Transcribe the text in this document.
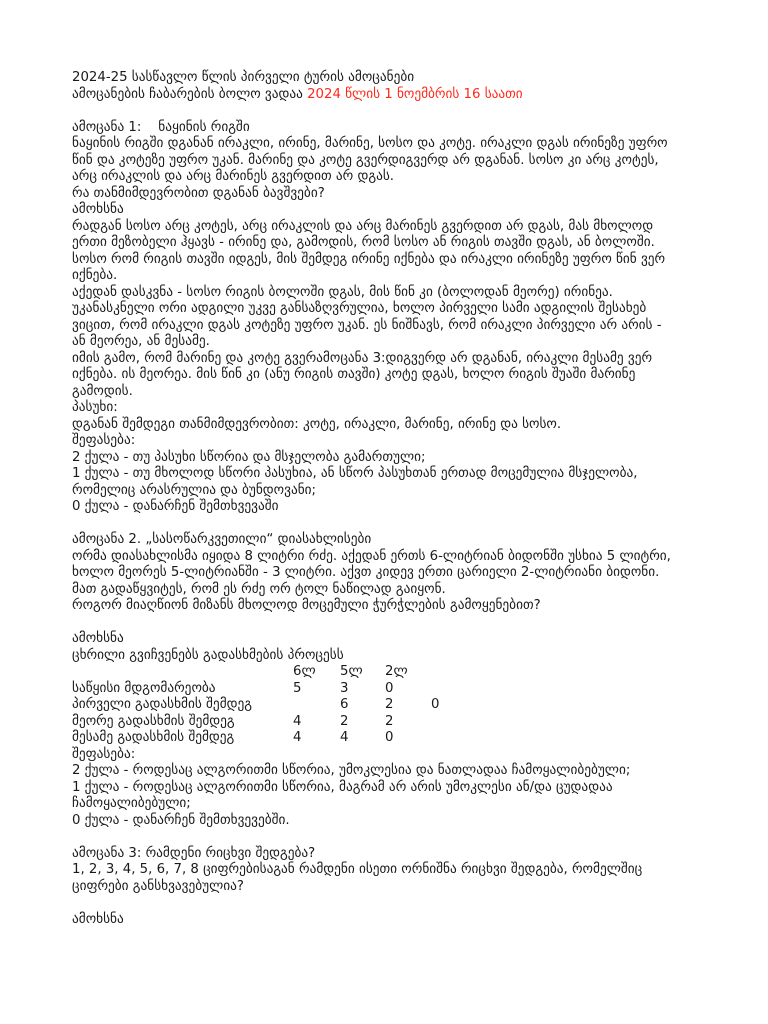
2024-25 სასწავლო წლის პირველი ტურის ამოცანები

ამოცანების ჩაბარების ბოლო ვადაა 2024 წლის 1 ნოემბრის 16 საათი

ამოცანა 1:    ნაყინის რიგში

ნაყინის რიგში დგანან ირაკლი, ირინე, მარინე, სოსო და კოტე. ირაკლი დგას ირინეზე უფრო

წინ და კოტეზე უფრო უკან. მარინე და კოტე გვერდიგვერდ არ დგანან. სოსო კი არც კოტეს,

არც ირაკლის და არც მარინეს გვერდით არ დგას.

რა თანმიმდევრობით დგანან ბავშვები?

ამოხსნა

რადგან სოსო არც კოტეს, არც ირაკლის და არც მარინეს გვერდით არ დგას, მას მხოლოდ

ერთი მეზობელი ჰყავს - ირინე და, გამოდის, რომ სოსო ან რიგის თავში დგას, ან ბოლოში.

სოსო რომ რიგის თავში იდგეს, მის შემდეგ ირინე იქნება და ირაკლი ირინეზე უფრო წინ ვერ

იქნება.

აქედან დასკვნა - სოსო რიგის ბოლოში დგას, მის წინ კი (ბოლოდან მეორე) ირინეა.

უკანასკნელი ორი ადგილი უკვე განსაზღვრულია, ხოლო პირველი სამი ადგილის შესახებ

ვიცით, რომ ირაკლი დგას კოტეზე უფრო უკან. ეს ნიშნავს, რომ ირაკლი პირველი არ არის -

ან მეორეა, ან მესამე.

იმის გამო, რომ მარინე და კოტე გვერამოცანა 3:დიგვერდ არ დგანან, ირაკლი მესამე ვერ

იქნება. ის მეორეა. მის წინ კი (ანუ რიგის თავში) კოტე დგას, ხოლო რიგის შუაში მარინე

გამოდის.

პასუხი:

დგანან შემდეგი თანმიმდევრობით: კოტე, ირაკლი, მარინე, ირინე და სოსო.

შეფასება:

2 ქულა - თუ პასუხი სწორია და მსჯელობა გამართული;

1 ქულა - თუ მხოლოდ სწორი პასუხია, ან სწორ პასუხთან ერთად მოცემულია მსჯელობა,

რომელიც არასრულია და ბუნდოვანი;

0 ქულა - დანარჩენ შემთხვევაში

ამოცანა 2. „სასოწარკვეთილი“ დიასახლისები

ორმა დიასახლისმა იყიდა 8 ლიტრი რძე. აქედან ერთს 6-ლიტრიან ბიდონში უსხია 5 ლიტრი,

ხოლო მეორეს 5-ლიტრიანში - 3 ლიტრი. აქვთ კიდევ ერთი ცარიელი 2-ლიტრიანი ბიდონი.

მათ გადაწყვიტეს, რომ ეს რძე ორ ტოლ ნაწილად გაიყონ.

როგორ მიაღწიონ მიზანს მხოლოდ მოცემული ჭურჭლების გამოყენებით?

ამოხსნა

ცხრილი გვიჩვენებს გადასხმების პროცესს

	6ლ	5ლ	2ლ	
საწყისი მდგომარეობა	5	3	0	
პირველი გადასხმის შემდეგ		6	2	0
მეორე გადასხმის შემდეგ	4	2	2	
მესამე გადასხმის შემდეგ	4	4	0	

შეფასება:

2 ქულა - როდესაც ალგორითმი სწორია, უმოკლესია და ნათლადაა ჩამოყალიბებული;

1 ქულა - როდესაც ალგორითმი სწორია, მაგრამ არ არის უმოკლესი ან/და ცუდადაა

ჩამოყალიბებული;

0 ქულა - დანარჩენ შემთხვევებში.

ამოცანა 3: რამდენი რიცხვი შედგება?

1, 2, 3, 4, 5, 6, 7, 8 ციფრებისაგან რამდენი ისეთი ორნიშნა რიცხვი შედგება, რომელშიც

ციფრები განსხვავებულია?

ამოხსნა
